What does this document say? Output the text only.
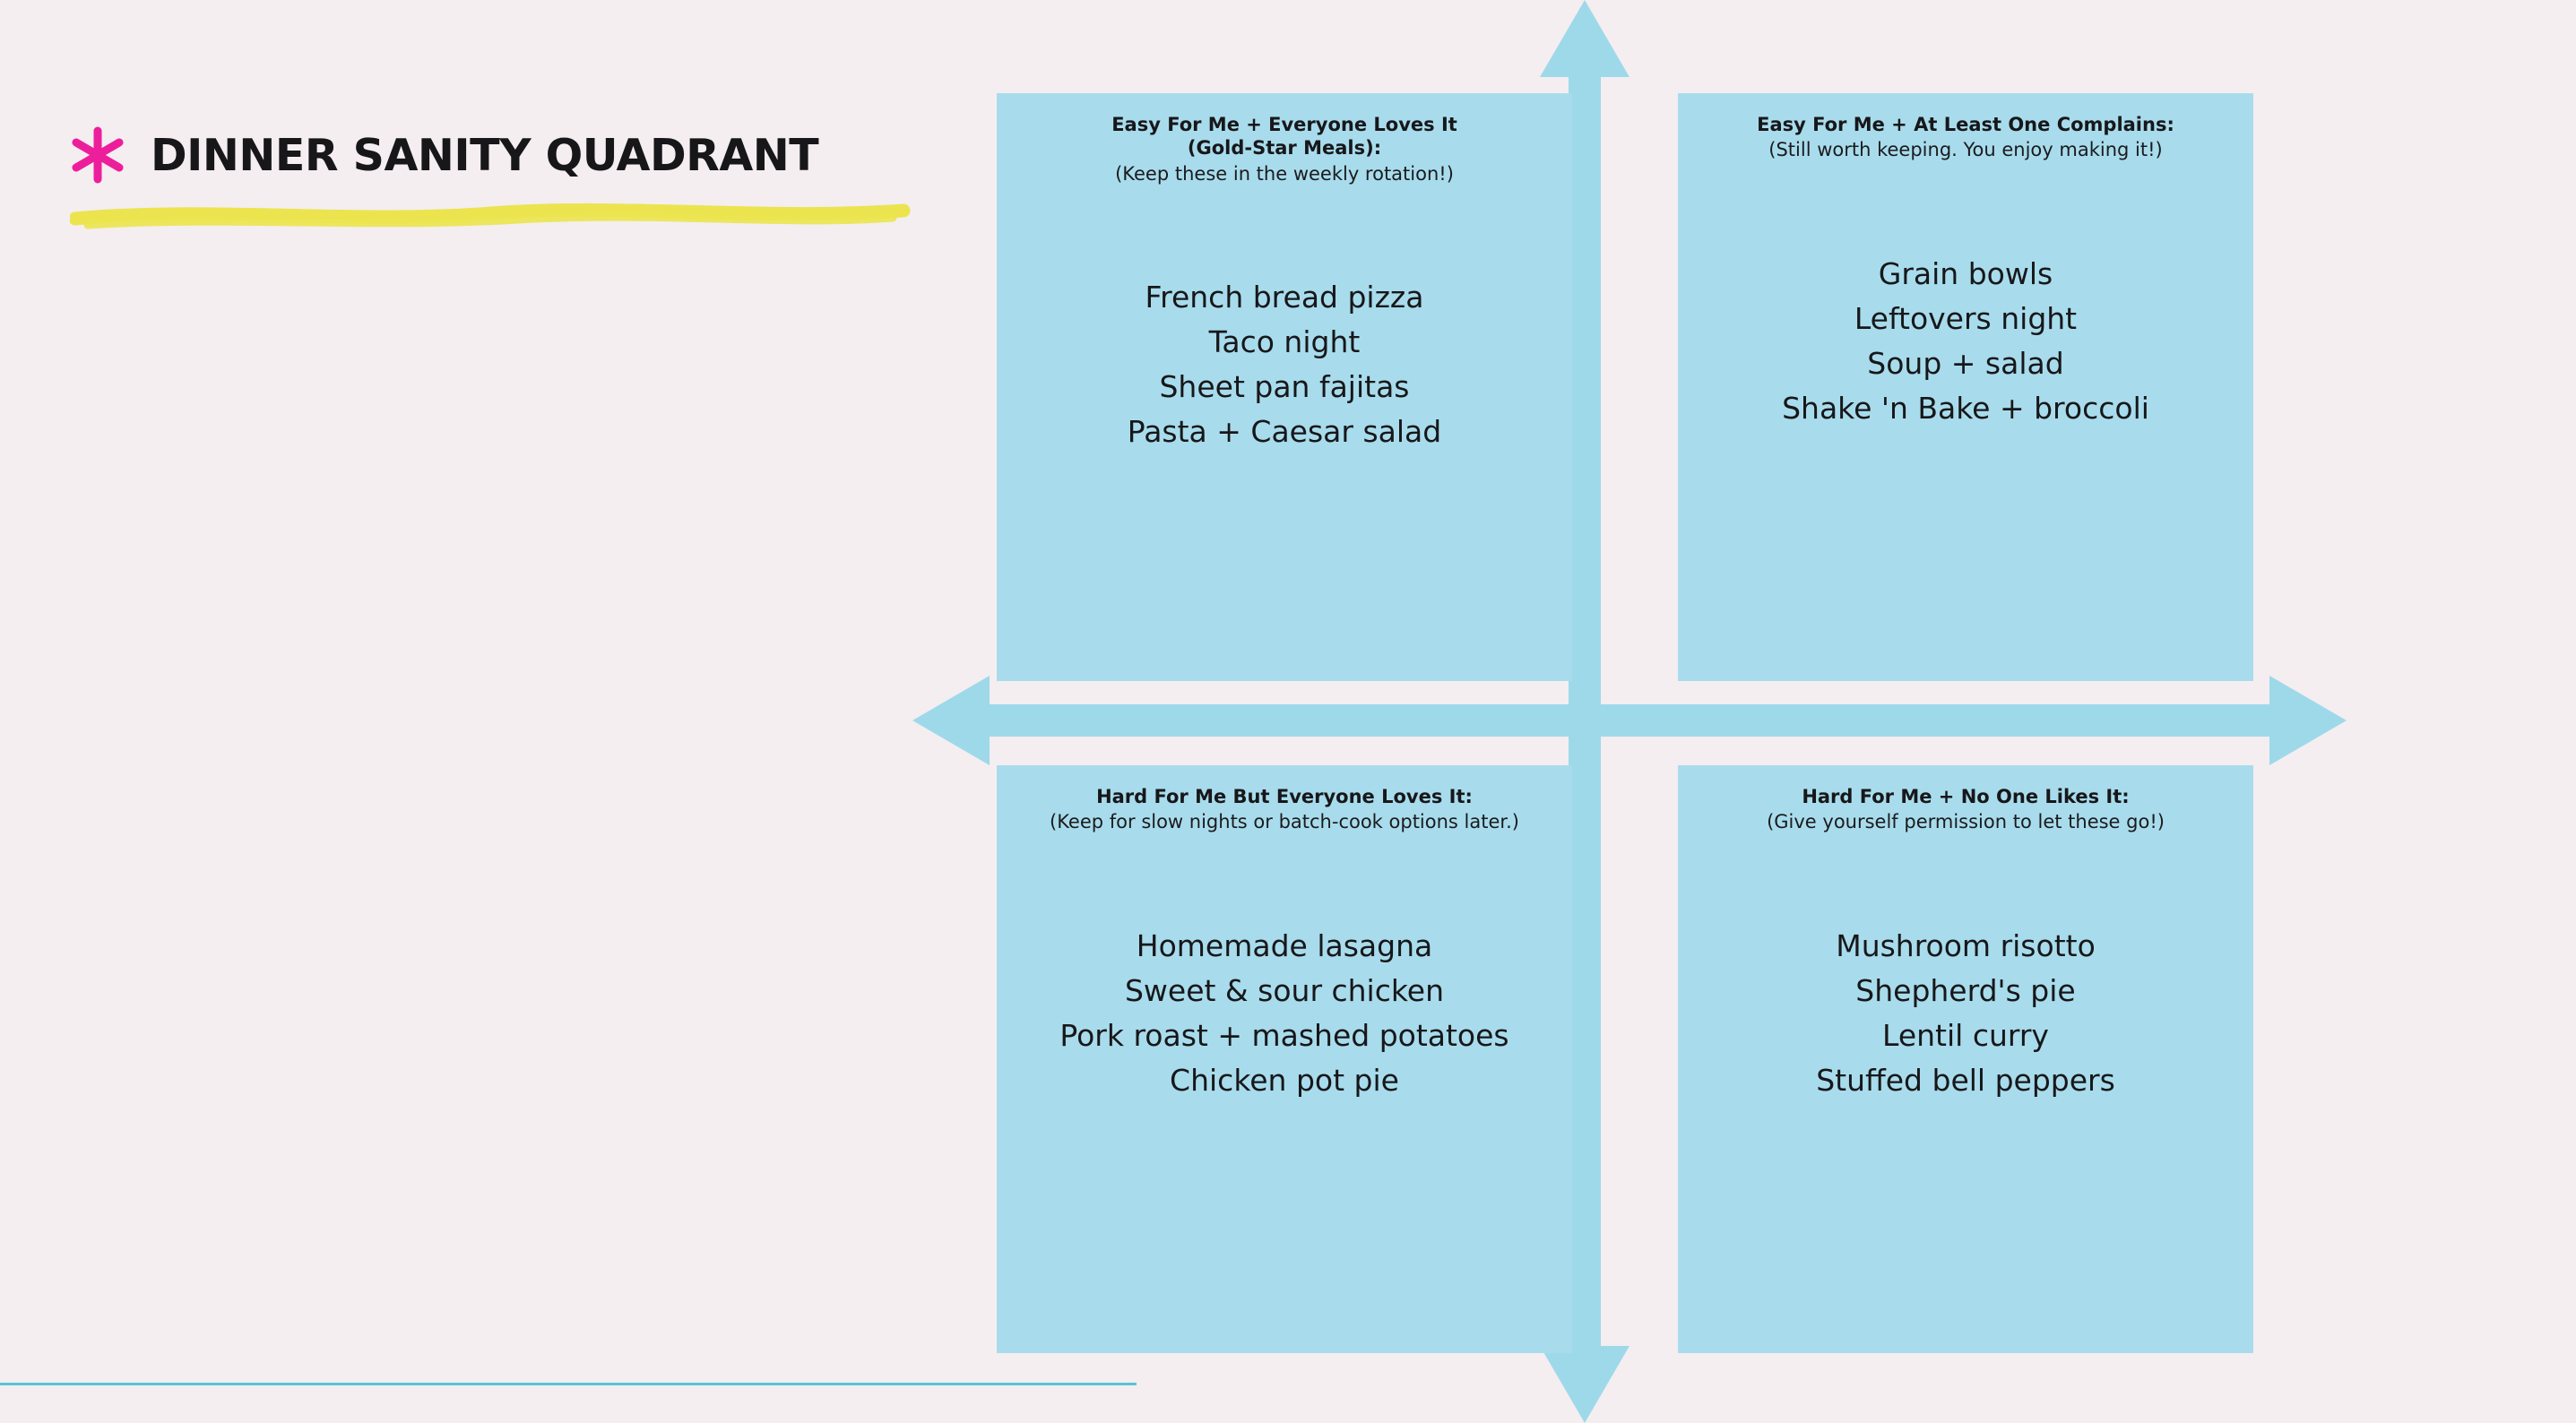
DINNER SANITY QUADRANT

Easy For Me + Everyone Loves It
(Gold-Star Meals):

(Keep these in the weekly rotation!)

French bread pizza
Taco night
Sheet pan fajitas
Pasta + Caesar salad

Easy For Me + At Least One Complains:

(Still worth keeping. You enjoy making it!)

Grain bowls
Leftovers night
Soup + salad
Shake 'n Bake + broccoli

Hard For Me But Everyone Loves It:

(Keep for slow nights or batch-cook options later.)

Homemade lasagna
Sweet & sour chicken
Pork roast + mashed potatoes
Chicken pot pie

Hard For Me + No One Likes It:

(Give yourself permission to let these go!)

Mushroom risotto
Shepherd's pie
Lentil curry
Stuffed bell peppers
